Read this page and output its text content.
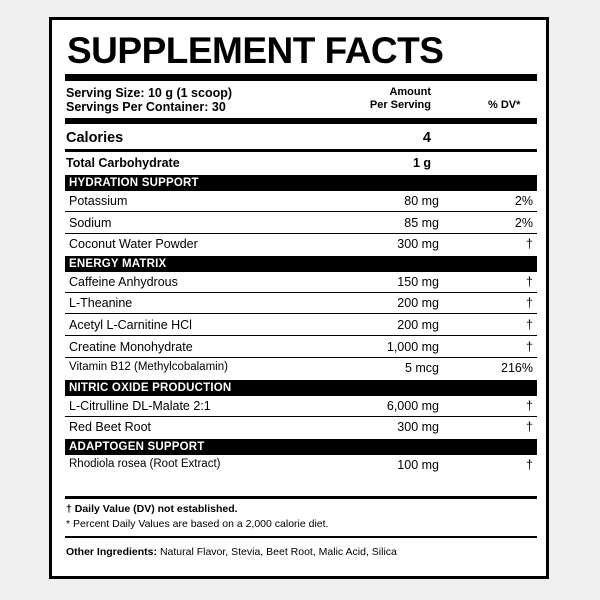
SUPPLEMENT FACTS
Serving Size: 10 g (1 scoop)
Servings Per Container: 30
Amount
Per Serving	% DV*
Calories	4
Total Carbohydrate	1 g
† Daily Value (DV) not established.
* Percent Daily Values are based on a 2,000 calorie diet.
Other Ingredients: Natural Flavor, Stevia, Beet Root, Malic Acid, Silica
HYDRATION SUPPORT
Potassium	80 mg	2%
Sodium	85 mg	2%
Coconut Water Powder	300 mg	†
ENERGY MATRIX
Caffeine Anhydrous	150 mg	†
L-Theanine	200 mg	†
Acetyl L-Carnitine HCl	200 mg	†
Creatine Monohydrate	1,000 mg	†
Vitamin B12 (Methylcobalamin)	5 mcg	216%
NITRIC OXIDE PRODUCTION
L-Citrulline DL-Malate 2:1	6,000 mg	†
Red Beet Root	300 mg	†
ADAPTOGEN SUPPORT
Rhodiola rosea (Root Extract)	100 mg	†
